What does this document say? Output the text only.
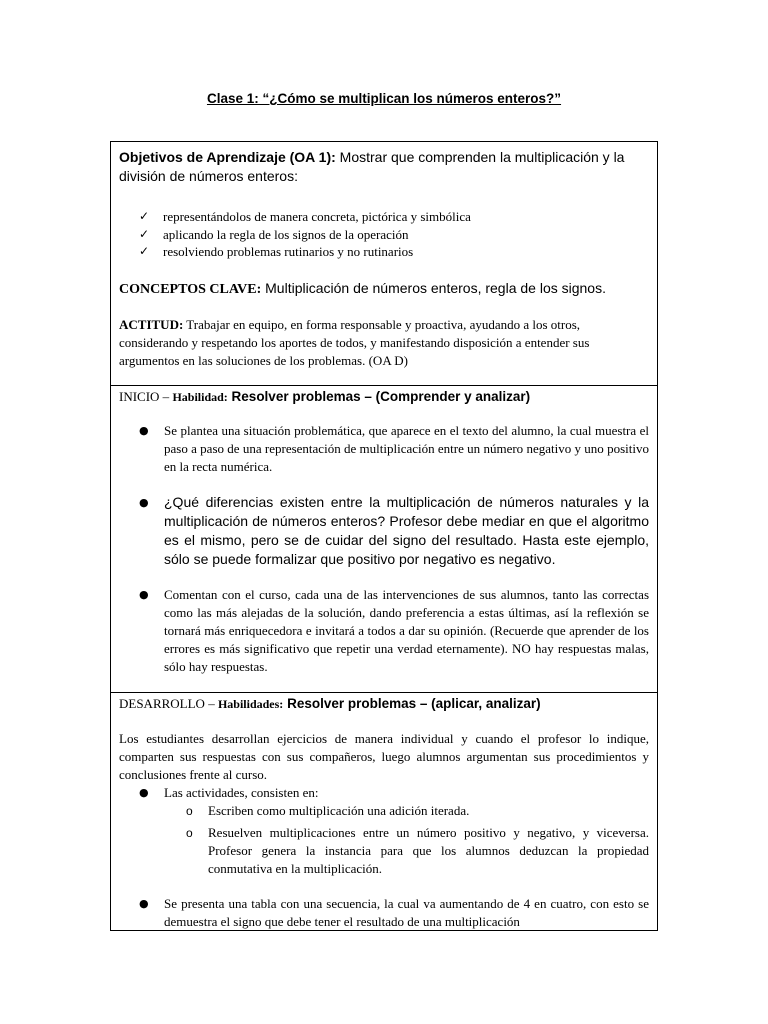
Clase 1: “¿Cómo se multiplican los números enteros?”
Objetivos de Aprendizaje (OA 1): Mostrar que comprenden la multiplicación y la división de números enteros:
✓ representándolos de manera concreta, pictórica y simbólica
✓ aplicando la regla de los signos de la operación
✓ resolviendo problemas rutinarios y no rutinarios
CONCEPTOS CLAVE: Multiplicación de números enteros, regla de los signos.
ACTITUD: Trabajar en equipo, en forma responsable y proactiva, ayudando a los otros, considerando y respetando los aportes de todos, y manifestando disposición a entender sus argumentos en las soluciones de los problemas. (OA D)
INICIO – Habilidad: Resolver problemas – (Comprender y analizar)
● Se plantea una situación problemática, que aparece en el texto del alumno, la cual muestra el paso a paso de una representación de multiplicación entre un número negativo y uno positivo en la recta numérica.
● ¿Qué diferencias existen entre la multiplicación de números naturales y la multiplicación de números enteros? Profesor debe mediar en que el algoritmo es el mismo, pero se de cuidar del signo del resultado. Hasta este ejemplo, sólo se puede formalizar que positivo por negativo es negativo.
● Comentan con el curso, cada una de las intervenciones de sus alumnos, tanto las correctas como las más alejadas de la solución, dando preferencia a estas últimas, así la reflexión se tornará más enriquecedora e invitará a todos a dar su opinión. (Recuerde que aprender de los errores es más significativo que repetir una verdad eternamente). NO hay respuestas malas, sólo hay respuestas.
DESARROLLO – Habilidades: Resolver problemas – (aplicar, analizar)
Los estudiantes desarrollan ejercicios de manera individual y cuando el profesor lo indique, comparten sus respuestas con sus compañeros, luego alumnos argumentan sus procedimientos y conclusiones frente al curso.
● Las actividades, consisten en:
o Escriben como multiplicación una adición iterada.
o Resuelven multiplicaciones entre un número positivo y negativo, y viceversa. Profesor genera la instancia para que los alumnos deduzcan la propiedad conmutativa en la multiplicación.
● Se presenta una tabla con una secuencia, la cual va aumentando de 4 en cuatro, con esto se demuestra el signo que debe tener el resultado de una multiplicación
